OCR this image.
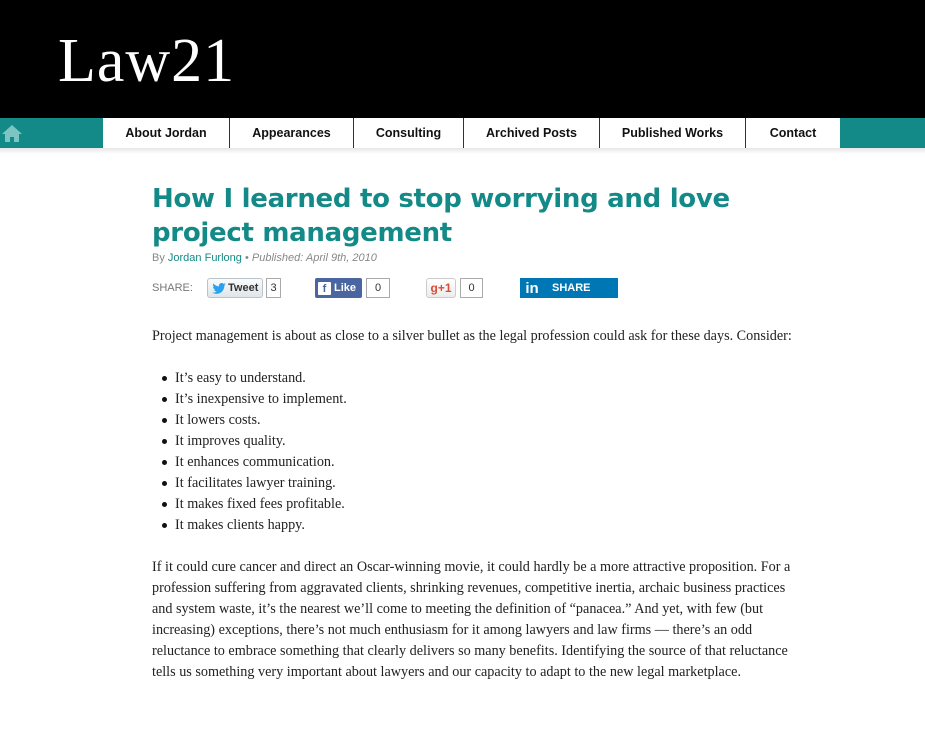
Law21
About Jordan	Appearances	Consulting	Archived Posts	Published Works	Contact
How I learned to stop worrying and love project management
By Jordan Furlong • Published: April 9th, 2010
SHARE:	Tweet	3	f Like	0	g+1	0	in	SHARE

Project management is about as close to a silver bullet as the legal profession could ask for these days. Consider:

It’s easy to understand.
It’s inexpensive to implement.
It lowers costs.
It improves quality.
It enhances communication.
It facilitates lawyer training.
It makes fixed fees profitable.
It makes clients happy.

If it could cure cancer and direct an Oscar-winning movie, it could hardly be a more attractive proposition. For a profession suffering from aggravated clients, shrinking revenues, competitive inertia, archaic business practices and system waste, it’s the nearest we’ll come to meeting the definition of “panacea.” And yet, with few (but increasing) exceptions, there’s not much enthusiasm for it among lawyers and law firms — there’s an odd reluctance to embrace something that clearly delivers so many benefits. Identifying the source of that reluctance tells us something very important about lawyers and our capacity to adapt to the new legal marketplace.
